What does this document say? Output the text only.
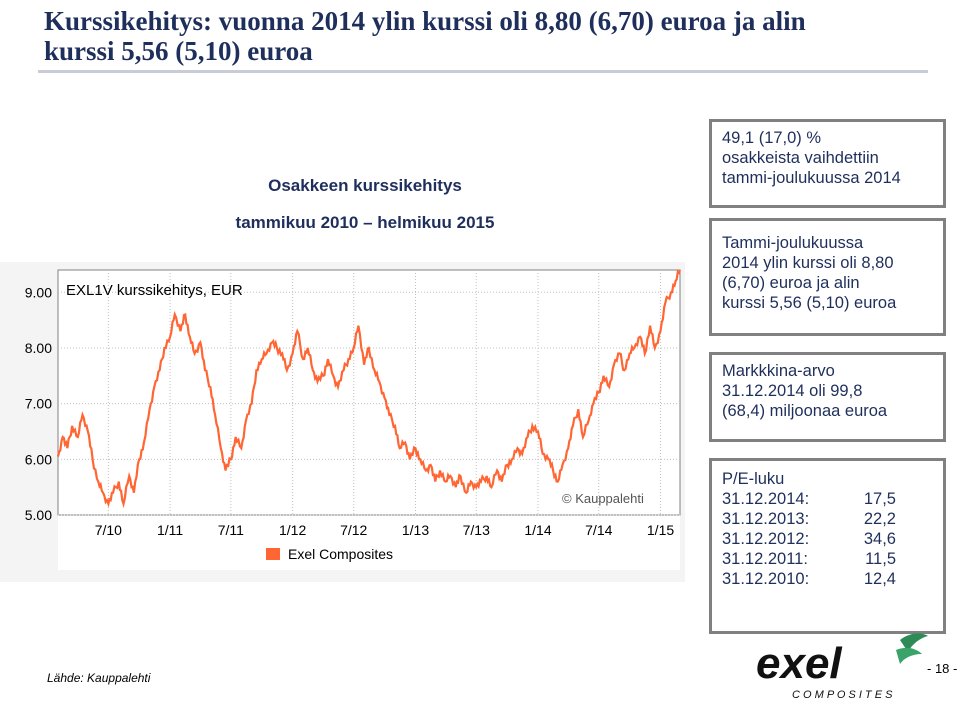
Kurssikehitys: vuonna 2014 ylin kurssi oli 8,80 (6,70) euroa ja alin
kurssi 5,56 (5,10) euroa
Osakkeen kurssikehitys
tammikuu 2010 – helmikuu 2015
5.00
6.00
7.00
8.00
9.00
7/10	1/11 7/11	1/12 7/12 1/13 7/13 1/14 7/14 1/15
EXL1V kurssikehitys, EUR
© Kauppalehti
Exel Composites
49,1 (17,0) %
osakkeista vaihdettiin
tammi-joulukuussa 2014
Tammi-joulukuussa
2014 ylin kurssi oli 8,80
(6,70) euroa ja alin
kurssi 5,56 (5,10) euroa
Markkkina-arvo
31.12.2014 oli 99,8
(68,4) miljoonaa euroa
P/E-luku
31.12.2014:	17,5
31.12.2013:	22,2
31.12.2012:	34,6
31.12.2011:	11,5
31.12.2010:	12,4
Lähde: Kauppalehti	exel
C O M P O S I T E S
- 18 -
